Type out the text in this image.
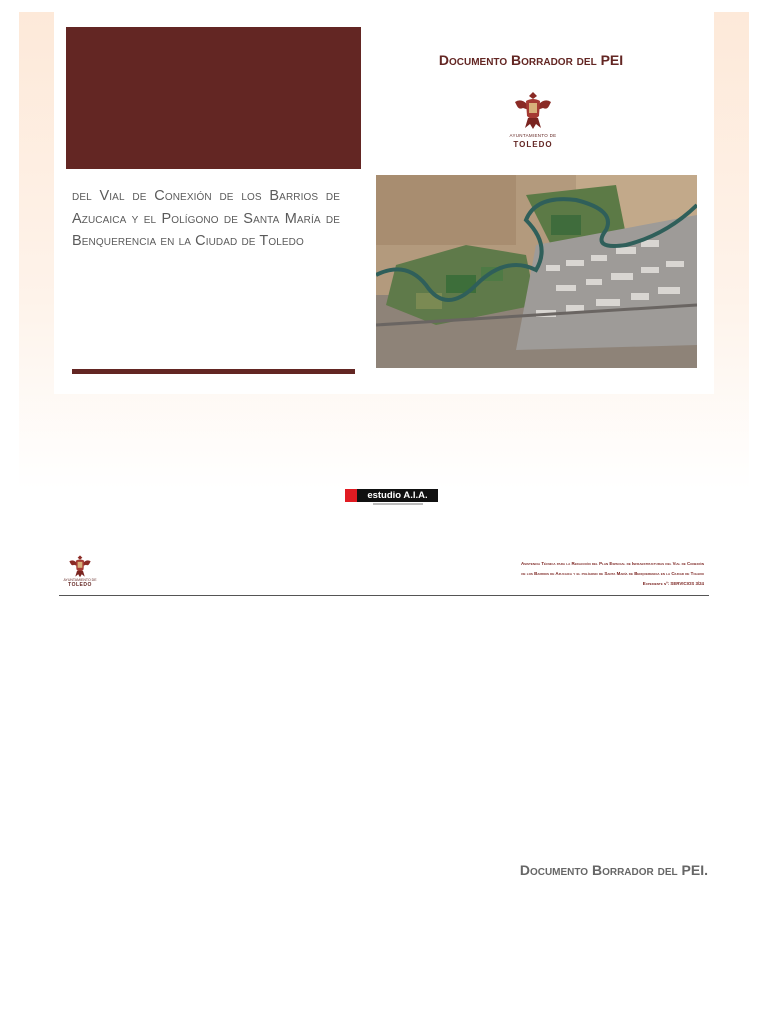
del Vial de Conexión de los Barrios de Azucaica y el Polígono de Santa María de Benquerencia en la Ciudad de Toledo
Documento Borrador del PEI
AYUNTAMIENTO DE
TOLEDO
estudio A.I.A.
AYUNTAMIENTO DE
TOLEDO
Asistencia Técnica para la Redacción del Plan Especial de Infraestructuras del Vial de Conexión
de los Barrios de Azucaica y el polígono de Santa María de Benquerencia en la Ciudad de Toledo
Expediente nº: SERVICIOS 3/24
Documento Borrador del PEI.
